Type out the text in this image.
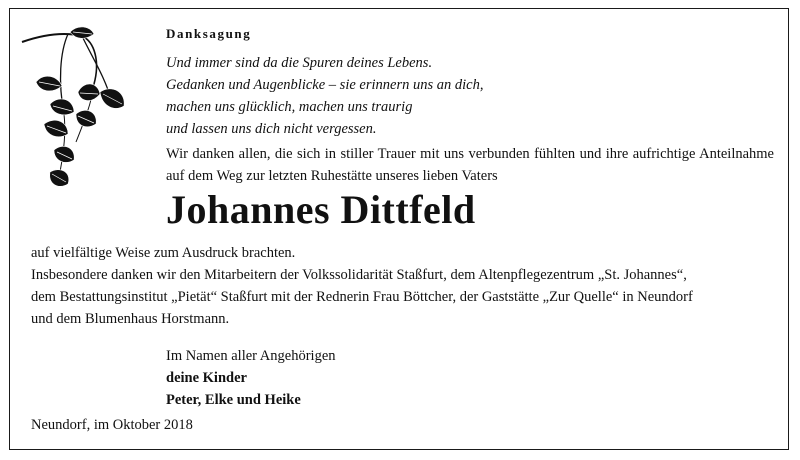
Danksagung
Und immer sind da die Spuren deines Lebens.
Gedanken und Augenblicke – sie erinnern uns an dich,
machen uns glücklich, machen uns traurig
und lassen uns dich nicht vergessen.
Wir danken allen, die sich in stiller Trauer mit uns verbunden fühlten und ihre aufrichtige Anteilnahme auf dem Weg zur letzten Ruhestätte unseres lieben Vaters
Johannes Dittfeld
auf vielfältige Weise zum Ausdruck brachten.
Insbesondere danken wir den Mitarbeitern der Volkssolidarität Staßfurt, dem Altenpflegezentrum „St. Johannes“,
dem Bestattungsinstitut „Pietät“ Staßfurt mit der Rednerin Frau Böttcher, der Gaststätte „Zur Quelle“ in Neundorf
und dem Blumenhaus Horstmann.
Im Namen aller Angehörigen
deine Kinder
Peter, Elke und Heike
Neundorf, im Oktober 2018
